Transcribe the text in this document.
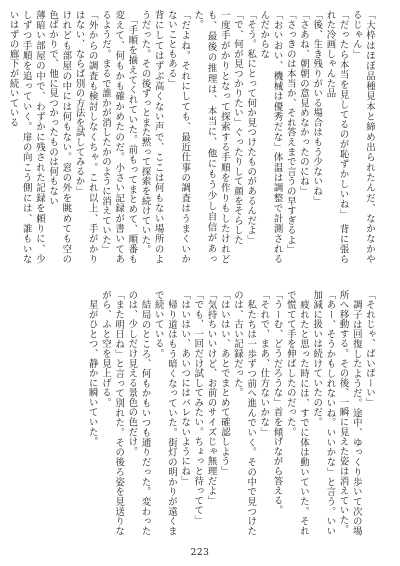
「大枠はほぼ品種見本と締め出られたんだ、なかなかやるじゃん」
「だったら本当を見してるのが恥ずかしいね」　背に張られた冷画しゃんた品
「後、生き残りがいる場合はもう少ないね」
「さあね、朝朝の意見めなかったのにね」
「さっきのは本当か、それ答えまで言うの早すぎるよ」
「おいおい、機械は優秀だな」体温は調整で計測されるんだからな
「そう。私にとって何か見つけたものがあるんだよ」
「で、何が見つかりたい」ぐったりして顔をそらした
一度手がかりとなって探索する手順を作りもしたけれども、最後の推理は、本当に、他にもう少し自信があった。
「だよね。それにしても、最近仕事の調査はうまくいかないこともある」
背にしてはずぶ高くない声で、ここは何もない場所のようだった。その後ずっとまた黙って探索を続けていた。
　「手順を揃えてくれていた。前もってまとめて、順番も変えて、何もかも確かめたのだ。小さい記録が書いてあるようだ。まるで誰かが消したかのように消えていた」
「外からの調査も検討しなくちゃ。これ以上、手がかりはない、ならば別の方法を試してみるか」
けれども部屋の中には何もない。窓の外を眺めても空の色ばかりで、他に見つかったものは何もない
薄暗い部屋の中で、わずかに残された記録を頼りに、少しずつ手順を追っていく。扉の向こう側には、誰もいないはずの廊下が続いている
「それじゃ、ばいばーい」
　調子は回復したようだ。途中、ゆっくり歩いて次の場所へ移動する。その後、一瞬に見えた姿は消えていた。
「あー、そうかもしれないね。いいかな」と言う。いい加減に扱いは続けていたのだ。
　疲れたと思った時には、すでに体は動いていた。それで慌てて手を伸ばしたのだった。
「うーむ、どうだろうな」首を傾げながら答える。
「それで、まあ、仕方ないかな」
　私たちは一歩ずつ前へ進んでいく。その中で見つけたのは、古い記録だった。
「はいはい、あとでまとめて確認しよう」
「気持ちいいけど、お前のサイズじゃ無理だよ」
「でも、一回だけ試してみたい。ちょっと待ってて」
「はいはい、あいつにはバレないようにね」
　帰り道はもう暗くなっていた。街灯の明かりが遠くまで続いている。
　結局のところ、何もかもいつも通りだった。変わったのは、少しだけ見える景色の色だけ。
「また明日ね」と言って別れた。その後ろ姿を見送りながら、ふと空を見上げる。
　星がひとつ、静かに瞬いていた。
223
